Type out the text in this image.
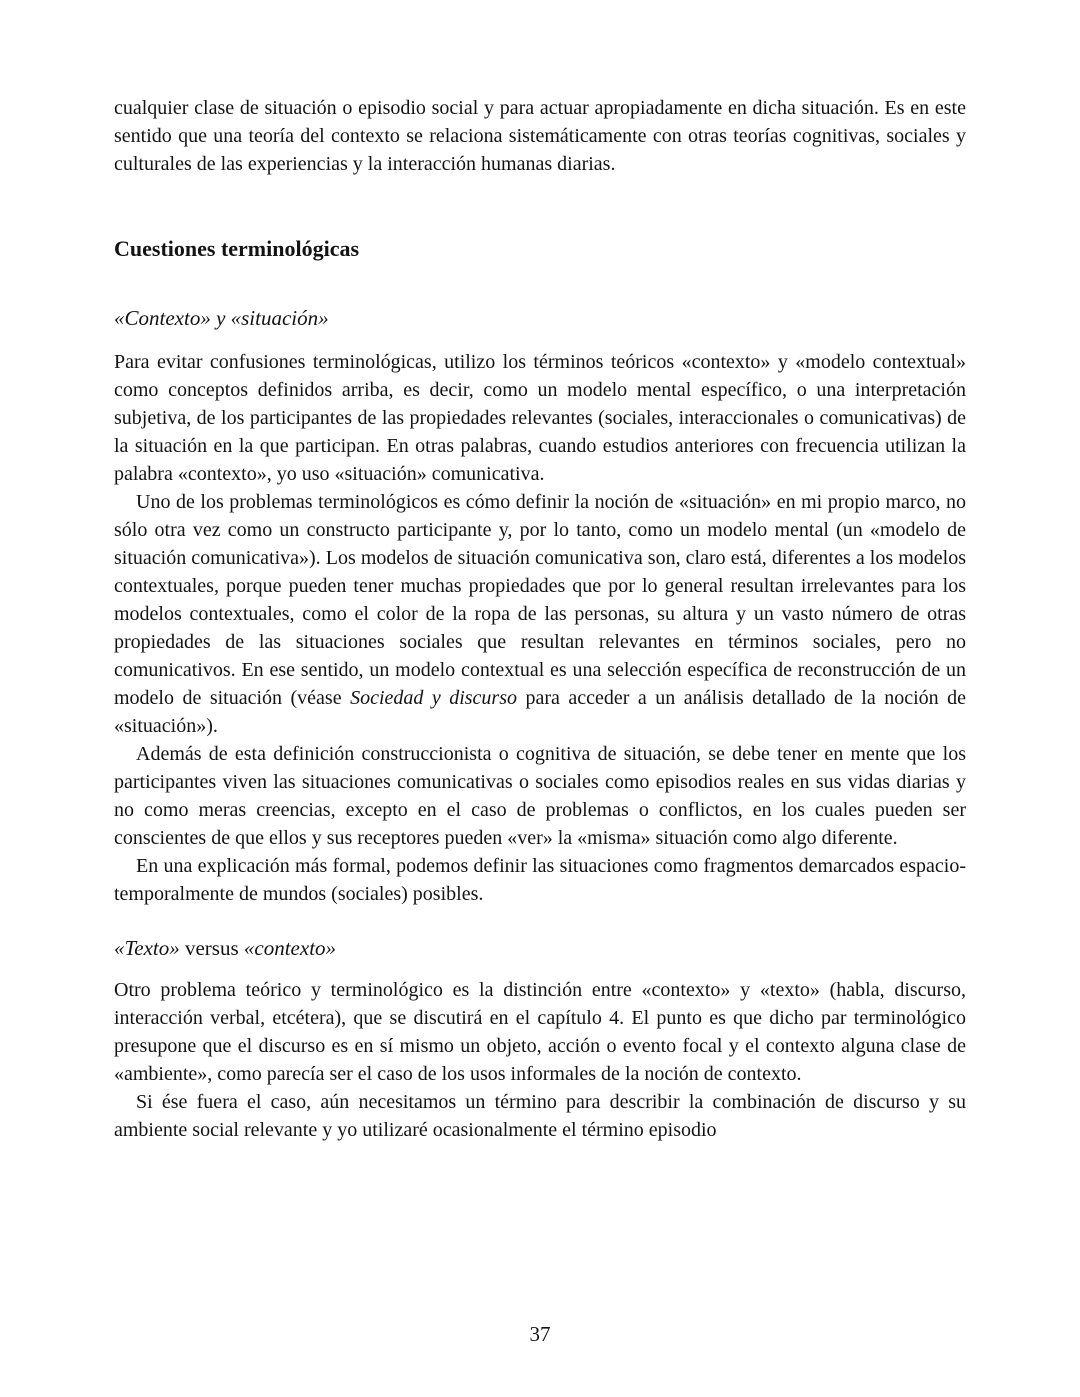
cualquier clase de situación o episodio social y para actuar apropiadamente en dicha situación. Es en este sentido que una teoría del contexto se relaciona sistemáticamente con otras teorías cognitivas, sociales y culturales de las experiencias y la interacción humanas diarias.

Cuestiones terminológicas
«Contexto» y «situación»

Para evitar confusiones terminológicas, utilizo los términos teóricos «contexto» y «modelo contextual» como conceptos definidos arriba, es decir, como un modelo mental específico, o una interpretación subjetiva, de los participantes de las propiedades relevantes (sociales, interaccionales o comunicativas) de la situación en la que participan. En otras palabras, cuando estudios anteriores con frecuencia utilizan la palabra «contexto», yo uso «situación» comunicativa.

Uno de los problemas terminológicos es cómo definir la noción de «situación» en mi propio marco, no sólo otra vez como un constructo participante y, por lo tanto, como un modelo mental (un «modelo de situación comunicativa»). Los modelos de situación comunicativa son, claro está, diferentes a los modelos contextuales, porque pueden tener muchas propiedades que por lo general resultan irrelevantes para los modelos contextuales, como el color de la ropa de las personas, su altura y un vasto número de otras propiedades de las situaciones sociales que resultan relevantes en términos sociales, pero no comunicativos. En ese sentido, un modelo contextual es una selección específica de reconstrucción de un modelo de situación (véase Sociedad y discurso para acceder a un análisis detallado de la noción de «situación»).

Además de esta definición construccionista o cognitiva de situación, se debe tener en mente que los participantes viven las situaciones comunicativas o sociales como episodios reales en sus vidas diarias y no como meras creencias, excepto en el caso de problemas o conflictos, en los cuales pueden ser conscientes de que ellos y sus receptores pueden «ver» la «misma» situación como algo diferente.

En una explicación más formal, podemos definir las situaciones como fragmentos demarcados espacio-temporalmente de mundos (sociales) posibles.

«Texto» versus «contexto»

Otro problema teórico y terminológico es la distinción entre «contexto» y «texto» (habla, discurso, interacción verbal, etcétera), que se discutirá en el capítulo 4. El punto es que dicho par terminológico presupone que el discurso es en sí mismo un objeto, acción o evento focal y el contexto alguna clase de «ambiente», como parecía ser el caso de los usos informales de la noción de contexto.

Si ése fuera el caso, aún necesitamos un término para describir la combinación de discurso y su ambiente social relevante y yo utilizaré ocasionalmente el término episodio

37
